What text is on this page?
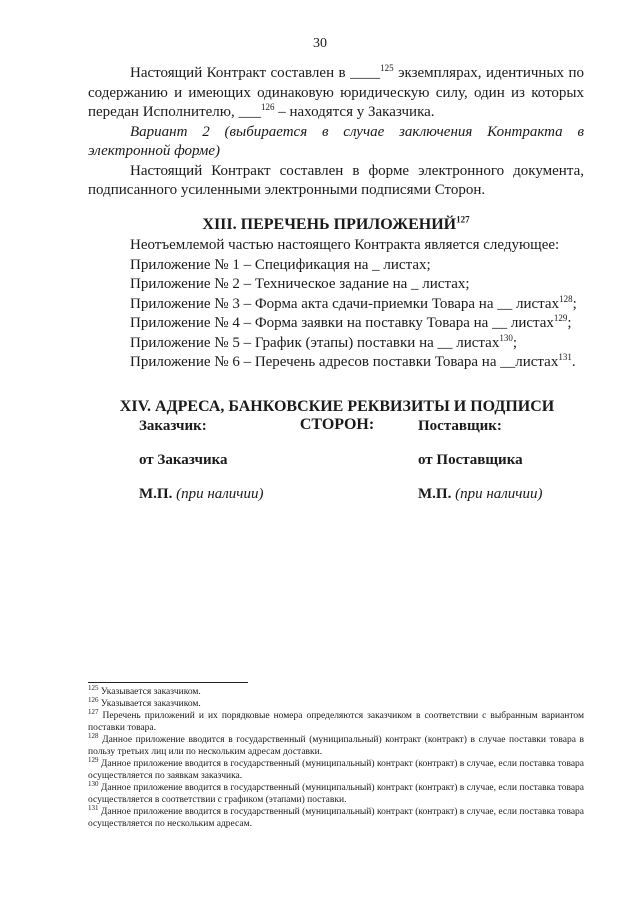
30

Настоящий Контракт составлен в ____$^{125}$ экземплярах, идентичных по содержанию и имеющих одинаковую юридическую силу, один из которых передан Исполнителю, ___$^{126}$ – находятся у Заказчика.

Вариант 2 (выбирается в случае заключения Контракта в электронной форме)

Настоящий Контракт составлен в форме электронного документа, подписанного усиленными электронными подписями Сторон.

XIII. ПЕРЕЧЕНЬ ПРИЛОЖЕНИЙ$^{127}$

Неотъемлемой частью настоящего Контракта является следующее:

Приложение № 1 – Спецификация на _ листах;

Приложение № 2 – Техническое задание на _ листах;

Приложение № 3 – Форма акта сдачи-приемки Товара на __ листах$^{128}$;

Приложение № 4 – Форма заявки на поставку Товара на __ листах$^{129}$;

Приложение № 5 – График (этапы) поставки на __ листах$^{130}$;

Приложение № 6 – Перечень адресов поставки Товара на __листах$^{131}$.

XIV. АДРЕСА, БАНКОВСКИЕ РЕКВИЗИТЫ И ПОДПИСИ СТОРОН:
Заказчик:	Поставщик:
от Заказчика	от Поставщика
М.П. (при наличии)	М.П. (при наличии)

$^{125}$ Указывается заказчиком.

$^{126}$ Указывается заказчиком.

$^{127}$ Перечень приложений и их порядковые номера определяются заказчиком в соответствии с выбранным вариантом поставки товара.

$^{128}$ Данное приложение вводится в государственный (муниципальный) контракт (контракт) в случае поставки товара в пользу третьих лиц или по нескольким адресам доставки.

$^{129}$ Данное приложение вводится в государственный (муниципальный) контракт (контракт) в случае, если поставка товара осуществляется по заявкам заказчика.

$^{130}$ Данное приложение вводится в государственный (муниципальный) контракт (контракт) в случае, если поставка товара осуществляется в соответствии с графиком (этапами) поставки.

$^{131}$ Данное приложение вводится в государственный (муниципальный) контракт (контракт) в случае, если поставка товара осуществляется по нескольким адресам.
